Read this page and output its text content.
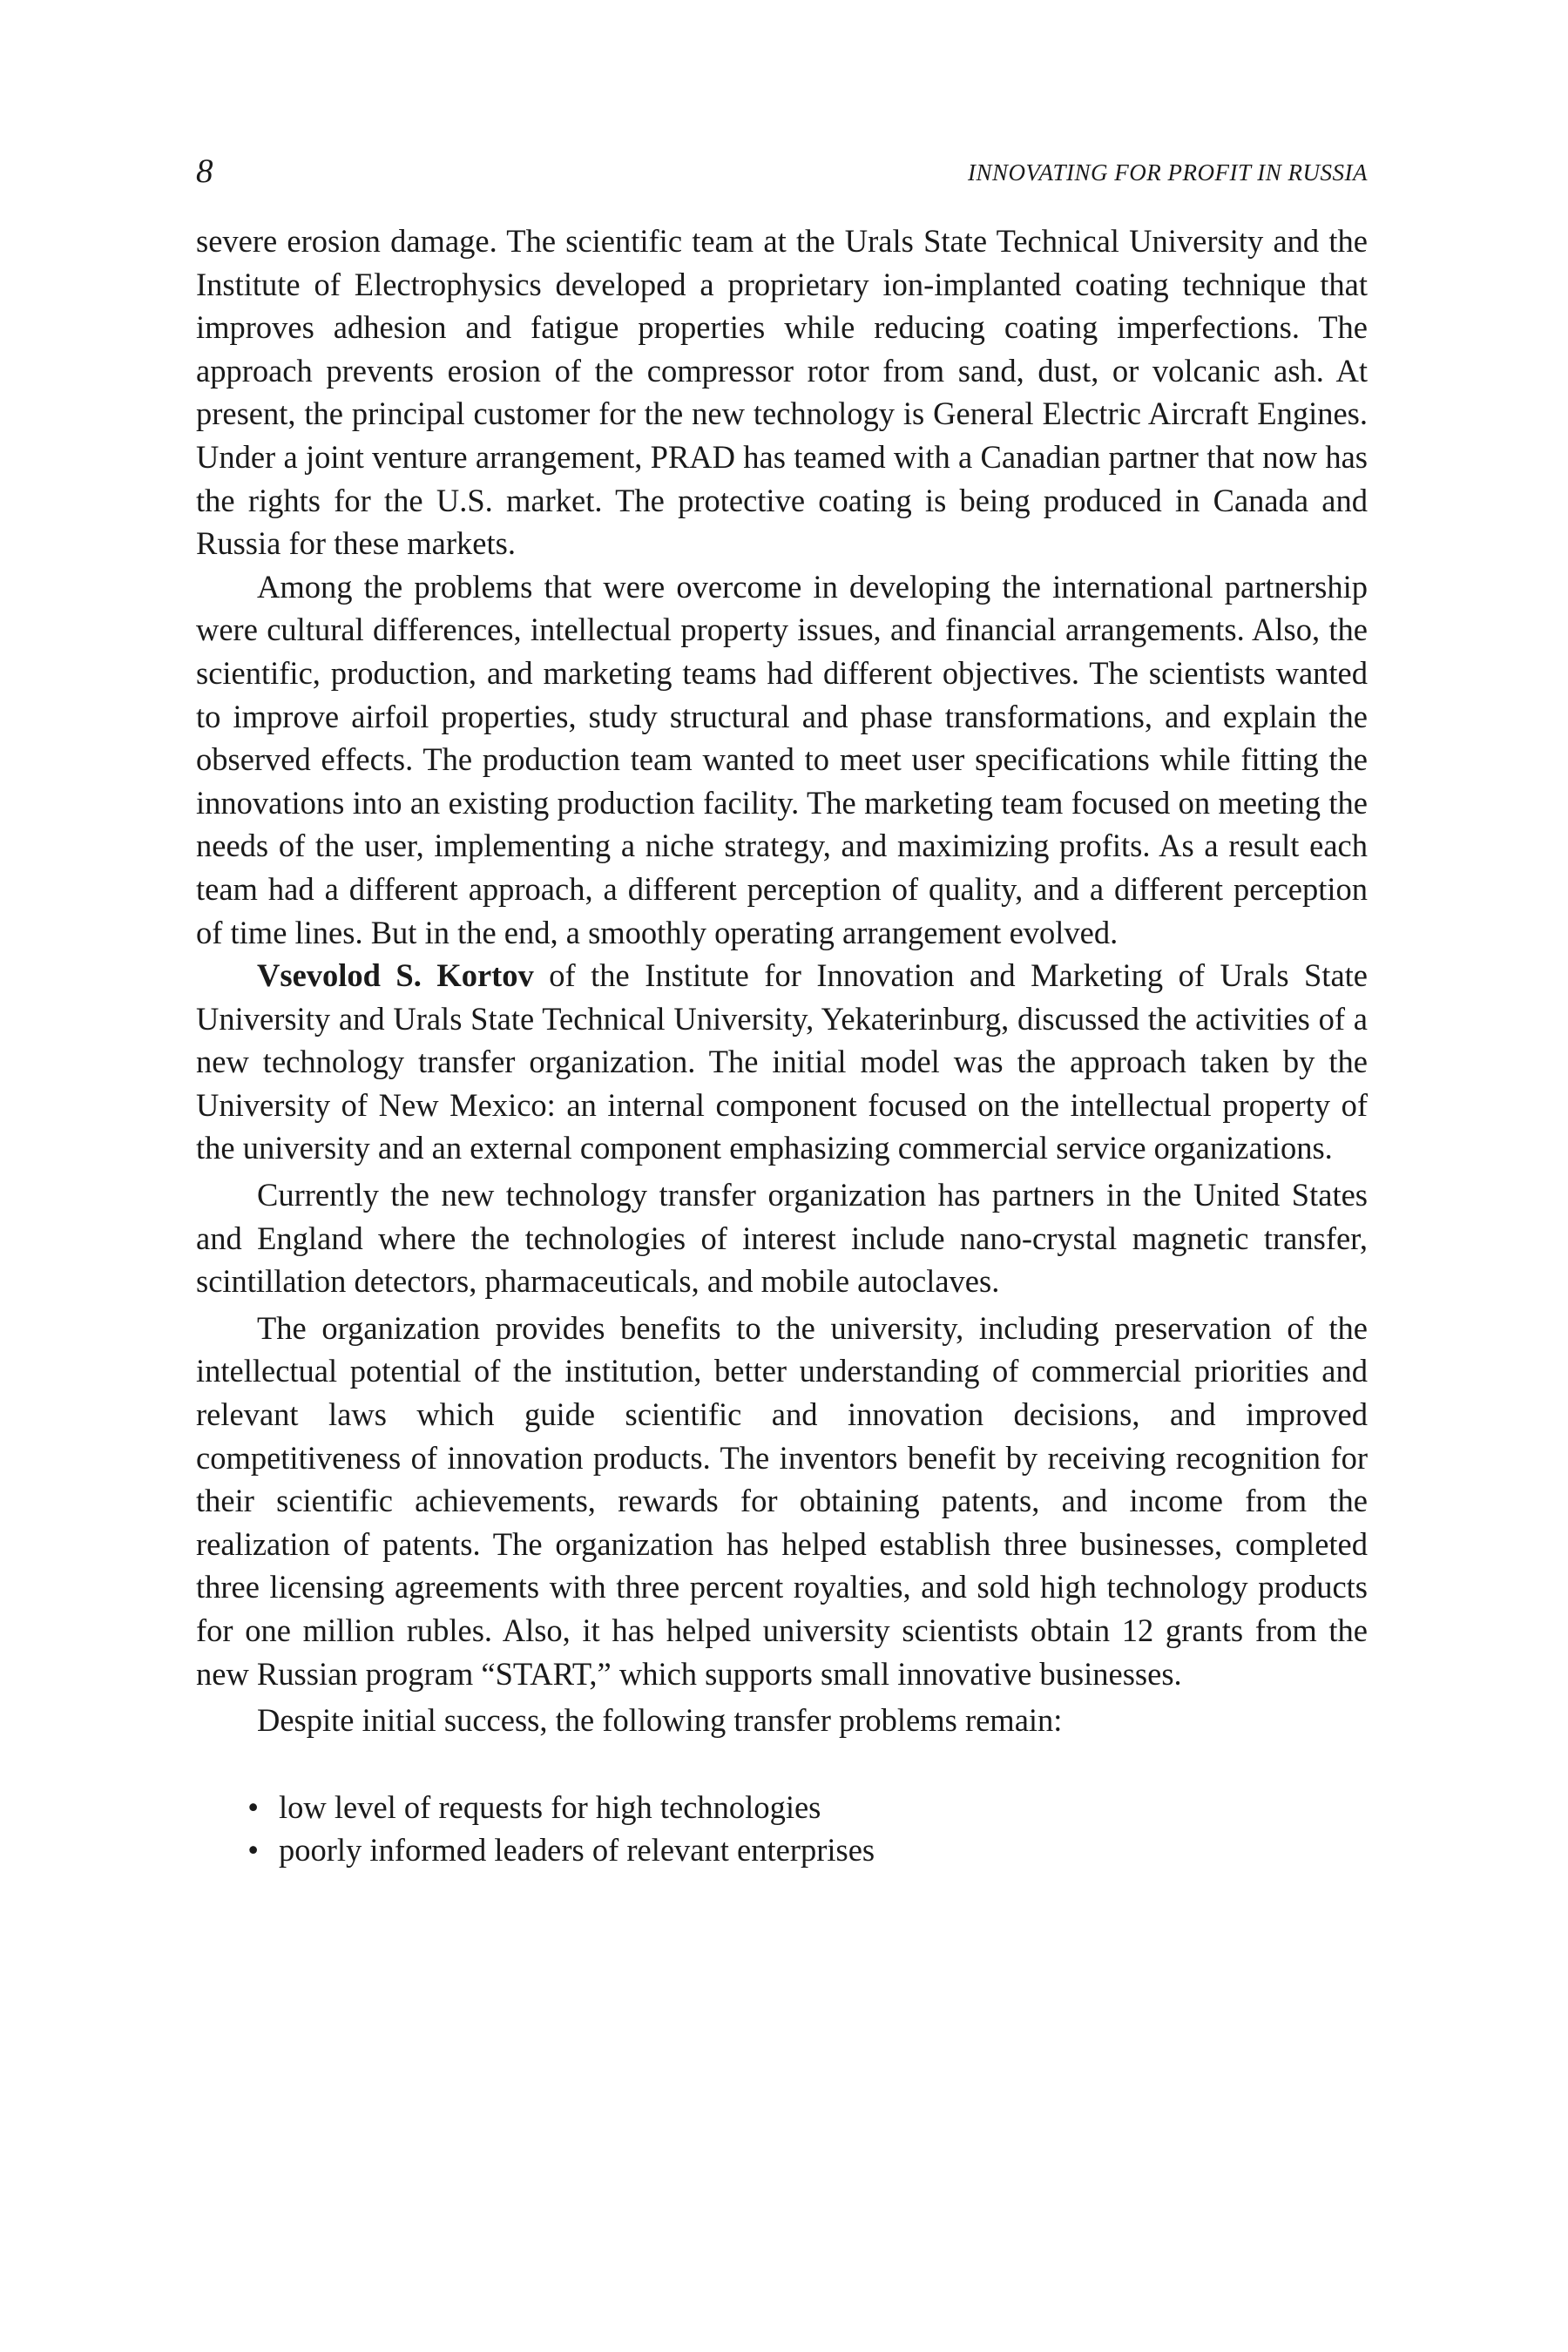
8	INNOVATING FOR PROFIT IN RUSSIA

severe erosion damage. The scientific team at the Urals State Technical University and the Institute of Electrophysics developed a proprietary ion-implanted coating technique that improves adhesion and fatigue properties while reducing coating imperfections. The approach prevents erosion of the compressor rotor from sand, dust, or volcanic ash. At present, the principal customer for the new technology is General Electric Aircraft Engines. Under a joint venture arrangement, PRAD has teamed with a Canadian partner that now has the rights for the U.S. market. The protective coating is being produced in Canada and Russia for these markets.

Among the problems that were overcome in developing the international partnership were cultural differences, intellectual property issues, and financial arrangements. Also, the scientific, production, and marketing teams had different objectives. The scientists wanted to improve airfoil properties, study structural and phase transformations, and explain the observed effects. The production team wanted to meet user specifications while fitting the innovations into an existing production facility. The marketing team focused on meeting the needs of the user, implementing a niche strategy, and maximizing profits. As a result each team had a different approach, a different perception of quality, and a different perception of time lines. But in the end, a smoothly operating arrangement evolved.

Vsevolod S. Kortov of the Institute for Innovation and Marketing of Urals State University and Urals State Technical University, Yekaterinburg, discussed the activities of a new technology transfer organization. The initial model was the approach taken by the University of New Mexico: an internal component focused on the intellectual property of the university and an external component emphasizing commercial service organizations.

Currently the new technology transfer organization has partners in the United States and England where the technologies of interest include nano-crystal magnetic transfer, scintillation detectors, pharmaceuticals, and mobile autoclaves.

The organization provides benefits to the university, including preservation of the intellectual potential of the institution, better understanding of commercial priorities and relevant laws which guide scientific and innovation decisions, and improved competitiveness of innovation products. The inventors benefit by receiving recognition for their scientific achievements, rewards for obtaining patents, and income from the realization of patents. The organization has helped establish three businesses, completed three licensing agreements with three percent royalties, and sold high technology products for one million rubles. Also, it has helped university scientists obtain 12 grants from the new Russian program “START,” which supports small innovative businesses.

Despite initial success, the following transfer problems remain:

• low level of requests for high technologies
• poorly informed leaders of relevant enterprises
